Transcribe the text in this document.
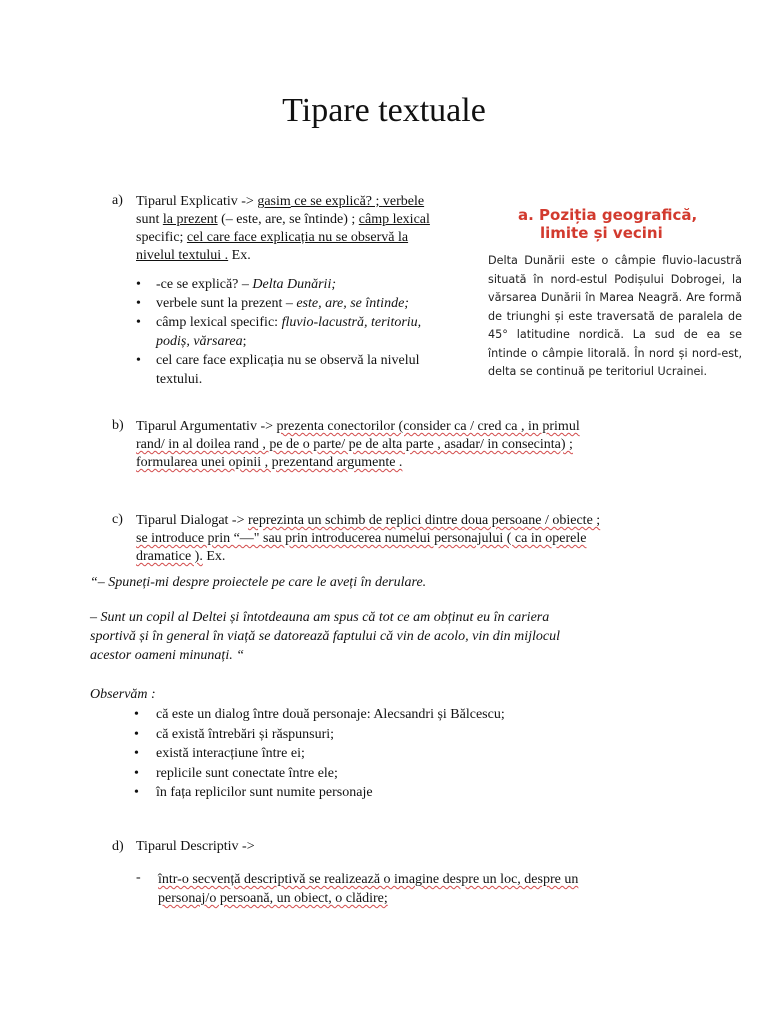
Tipare textuale
a) Tiparul Explicativ -> gasim ce se explică? ; verbele
sunt la prezent (– este, are, se întinde) ; câmp lexical
specific; cel care face explicația nu se observă la
nivelul textului . Ex.
• -ce se explică? – Delta Dunării;
• verbele sunt la prezent – este, are, se întinde;
• câmp lexical specific: fluvio-lacustră, teritoriu,
podiș, vărsarea;
• cel care face explicația nu se observă la nivelul
textului.
a. Poziția geografică,
limite și vecini
Delta Dunării este o câmpie fluvio-lacustră situată în nord-estul Podișului Dobrogei, la vărsarea Dunării în Marea Neagră. Are formă de triunghi și este traversată de paralela de 45° latitudine nordică. La sud de ea se întinde o câmpie litorală. În nord și nord-est, delta se continuă pe teritoriul Ucrainei.
b) Tiparul Argumentativ -> prezenta conectorilor (consider ca / cred ca , in primul
rand/ in al doilea rand , pe de o parte/ pe de alta parte , asadar/ in consecinta) ;
formularea unei opinii , prezentand argumente .
c) Tiparul Dialogat -> reprezinta un schimb de replici dintre doua persoane / obiecte ;
se introduce prin “—" sau prin introducerea numelui personajului ( ca in operele
dramatice ). Ex.
“– Spuneți-mi despre proiectele pe care le aveți în derulare.
– Sunt un copil al Deltei și întotdeauna am spus că tot ce am obținut eu în cariera
sportivă și în general în viață se datorează faptului că vin de acolo, vin din mijlocul
acestor oameni minunați. “
Observăm :
• că este un dialog între două personaje: Alecsandri și Bălcescu;
• că există întrebări și răspunsuri;
• există interacțiune între ei;
• replicile sunt conectate între ele;
• în fața replicilor sunt numite personaje
d) Tiparul Descriptiv ->
- într-o secvență descriptivă se realizează o imagine despre un loc, despre un
personaj/o persoană, un obiect, o clădire;
